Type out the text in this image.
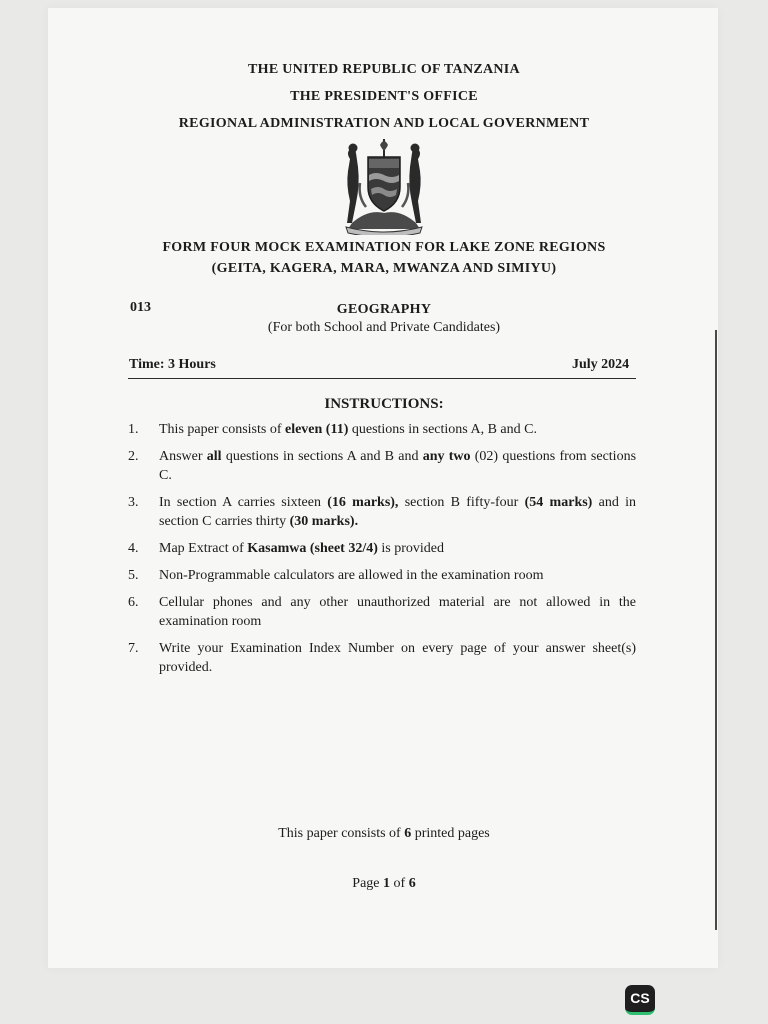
THE UNITED REPUBLIC OF TANZANIA
THE PRESIDENT'S OFFICE
REGIONAL ADMINISTRATION AND LOCAL GOVERNMENT
FORM FOUR MOCK EXAMINATION FOR LAKE ZONE REGIONS
(GEITA, KAGERA, MARA, MWANZA AND SIMIYU)
013	GEOGRAPHY
(For both School and Private Candidates)
Time: 3 Hours	July 2024
INSTRUCTIONS:
1. This paper consists of eleven (11) questions in sections A, B and C.
2. Answer all questions in sections A and B and any two (02) questions from sections C.
3. In section A carries sixteen (16 marks), section B fifty-four (54 marks) and in section C carries thirty (30 marks).
4. Map Extract of Kasamwa (sheet 32/4) is provided
5. Non-Programmable calculators are allowed in the examination room
6. Cellular phones and any other unauthorized material are not allowed in the examination room
7. Write your Examination Index Number on every page of your answer sheet(s) provided.
This paper consists of 6 printed pages
Page 1 of 6
CS
